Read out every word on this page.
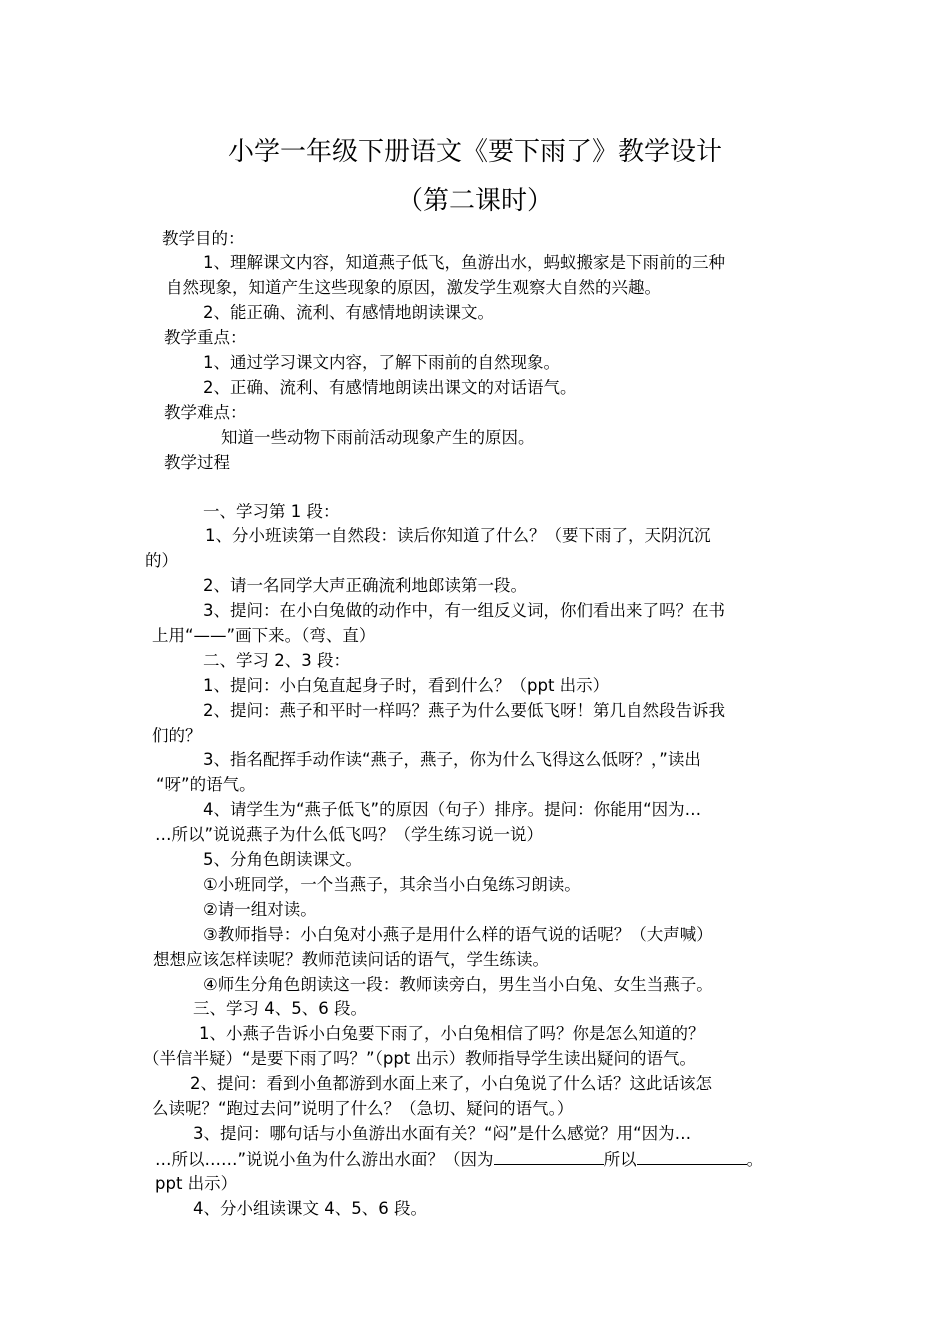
小学一年级下册语文《要下雨了》教学设计
（第二课时）
教学目的：
1、理解课文内容，知道燕子低飞，鱼游出水，蚂蚁搬家是下雨前的三种
自然现象，知道产生这些现象的原因，激发学生观察大自然的兴趣。
2、能正确、流利、有感情地朗读课文。
教学重点：
1、通过学习课文内容，了解下雨前的自然现象。
2、正确、流利、有感情地朗读出课文的对话语气。
教学难点：
知道一些动物下雨前活动现象产生的原因。
教学过程
一、学习第 1 段：
1、分小班读第一自然段：读后你知道了什么？（要下雨了，天阴沉沉
的）
2、请一名同学大声正确流利地郎读第一段。
3、提问：在小白兔做的动作中，有一组反义词，你们看出来了吗？在书
上用“——”画下来。（弯、直）
二、学习 2、3 段：
1、提问：小白兔直起身子时，看到什么？（ppt 出示）
2、提问：燕子和平时一样吗？燕子为什么要低飞呀！第几自然段告诉我
们的？
3、指名配挥手动作读“燕子，燕子，你为什么飞得这么低呀？，”读出
“呀”的语气。
4、请学生为“燕子低飞”的原因（句子）排序。提问：你能用“因为…
…所以”说说燕子为什么低飞吗？（学生练习说一说）
5、分角色朗读课文。
①小班同学，一个当燕子，其余当小白兔练习朗读。
②请一组对读。
③教师指导：小白兔对小燕子是用什么样的语气说的话呢？（大声喊）
想想应该怎样读呢？教师范读问话的语气，学生练读。
④师生分角色朗读这一段：教师读旁白，男生当小白兔、女生当燕子。
三、学习 4、5、6 段。
1、小燕子告诉小白兔要下雨了，小白兔相信了吗？你是怎么知道的？
（半信半疑）“是要下雨了吗？”（ppt 出示）教师指导学生读出疑问的语气。
2、提问：看到小鱼都游到水面上来了，小白兔说了什么话？这此话该怎
么读呢？“跑过去问”说明了什么？（急切、疑问的语气。）
3、提问：哪句话与小鱼游出水面有关？“闷”是什么感觉？用“因为…
…所以……”说说小鱼为什么游出水面？（因为	所以	。
ppt 出示）
4、分小组读课文 4、5、6 段。
